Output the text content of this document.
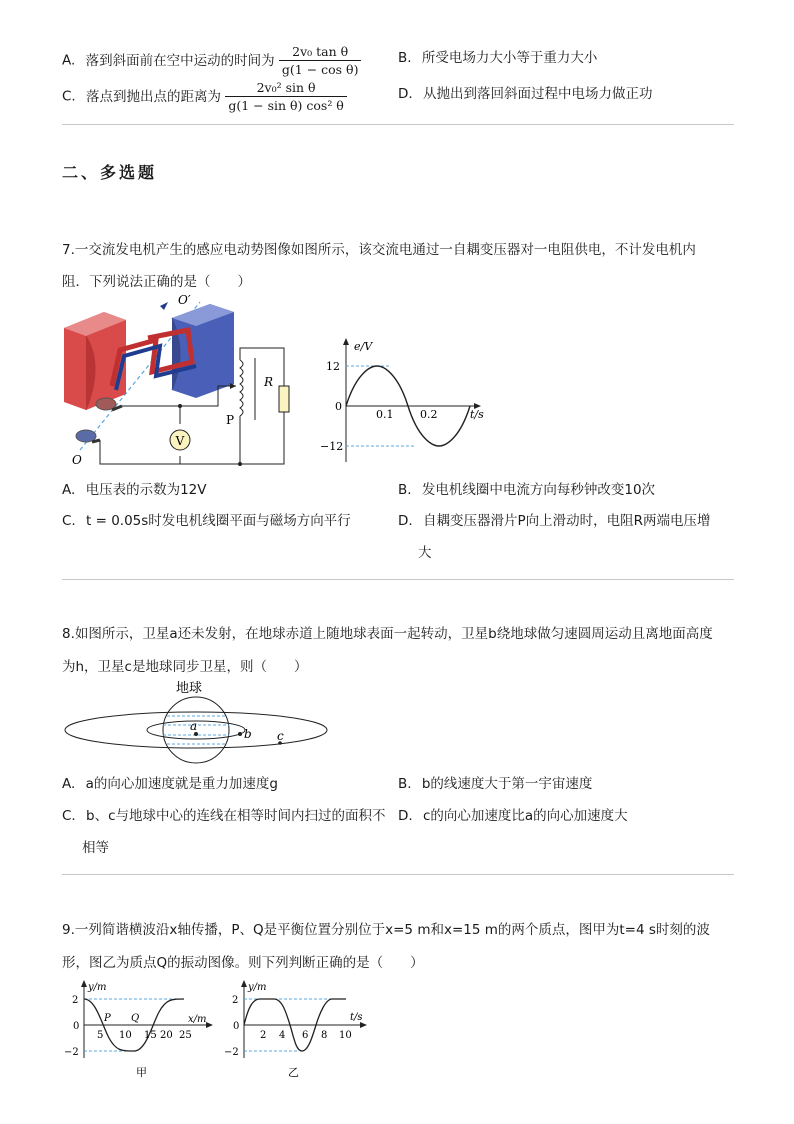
A. 落到斜面前在空中运动的时间为 $\frac{\text{2v₀ tan θ}}{\text{g(1 − cos θ)}}$	B. 所受电场力大小等于重力大小
C. 落点到抛出点的距离为 $\frac{\text{2v₀² sin θ}}{\text{g(1 − sin θ) cos² θ}}$	D. 从抛出到落回斜面过程中电场力做正功
二、多选题
7.一交流发电机产生的感应电动势图像如图所示，该交流电通过一自耦变压器对一电阻供电，不计发电机内
阻．下列说法正确的是（　　）
V
R
P
O′
O
e/V
t/s
12
−12
0
0.1 0.2
A. 电压表的示数为12V	B. 发电机线圈中电流方向每秒钟改变10次
C. t = 0.05s时发电机线圈平面与磁场方向平行	D. 自耦变压器滑片P向上滑动时，电阻R两端电压增
大
8.如图所示，卫星a还未发射，在地球赤道上随地球表面一起转动，卫星b绕地球做匀速圆周运动且离地面高度
为h，卫星c是地球同步卫星，则（　　）
地球
a
b c
A. a的向心加速度就是重力加速度g	B. b的线速度大于第一宇宙速度
C. b、c与地球中心的连线在相等时间内扫过的面积不
相等
D. c的向心加速度比a的向心加速度大
9.一列简谐横波沿x轴传播，P、Q是平衡位置分别位于x=5 m和x=15 m的两个质点，图甲为t=4 s时刻的波
形，图乙为质点Q的振动图像。则下列判断正确的是（　　）
y/m
x/m
2
0
−2
P Q
5 10 15 20 25
甲
y/m
t/s
2
0
−2
2 4 6 8 10
乙
